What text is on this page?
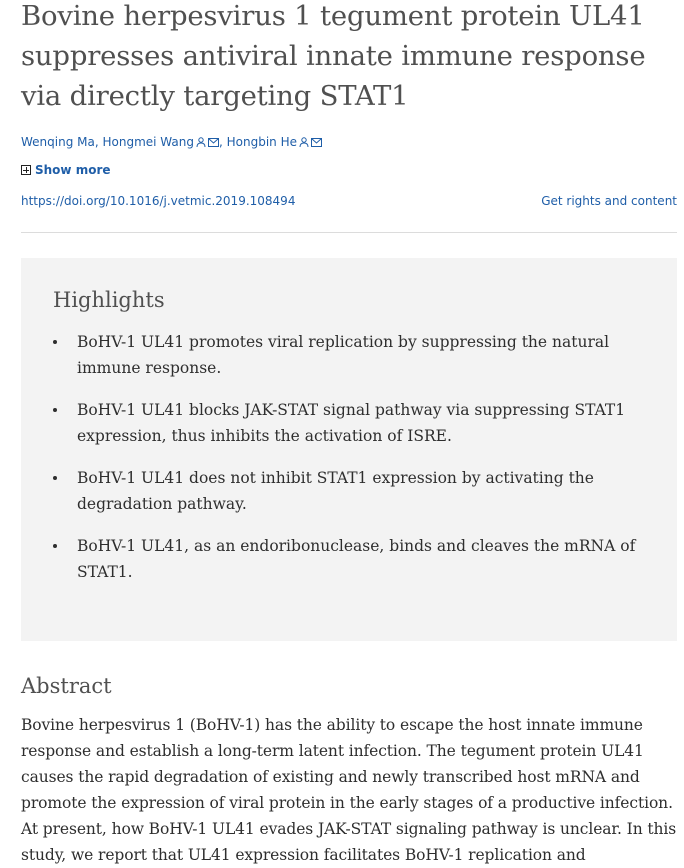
Bovine herpesvirus 1 tegument protein UL41 suppresses antiviral innate immune response via directly targeting STAT1
Wenqing Ma, Hongmei Wang , Hongbin He
Show more
https://doi.org/10.1016/j.vetmic.2019.108494	Get rights and content
Highlights
BoHV-1 UL41 promotes viral replication by suppressing the natural immune response.
BoHV-1 UL41 blocks JAK-STAT signal pathway via suppressing STAT1 expression, thus inhibits the activation of ISRE.
BoHV-1 UL41 does not inhibit STAT1 expression by activating the degradation pathway.
BoHV-1 UL41, as an endoribonuclease, binds and cleaves the mRNA of STAT1.
Abstract

Bovine herpesvirus 1 (BoHV-1) has the ability to escape the host innate immune response and establish a long-term latent infection. The tegument protein UL41 causes the rapid degradation of existing and newly transcribed host mRNA and promote the expression of viral protein in the early stages of a productive infection. At present, how BoHV-1 UL41 evades JAK-STAT signaling pathway is unclear. In this study, we report that UL41 expression facilitates BoHV-1 replication and
